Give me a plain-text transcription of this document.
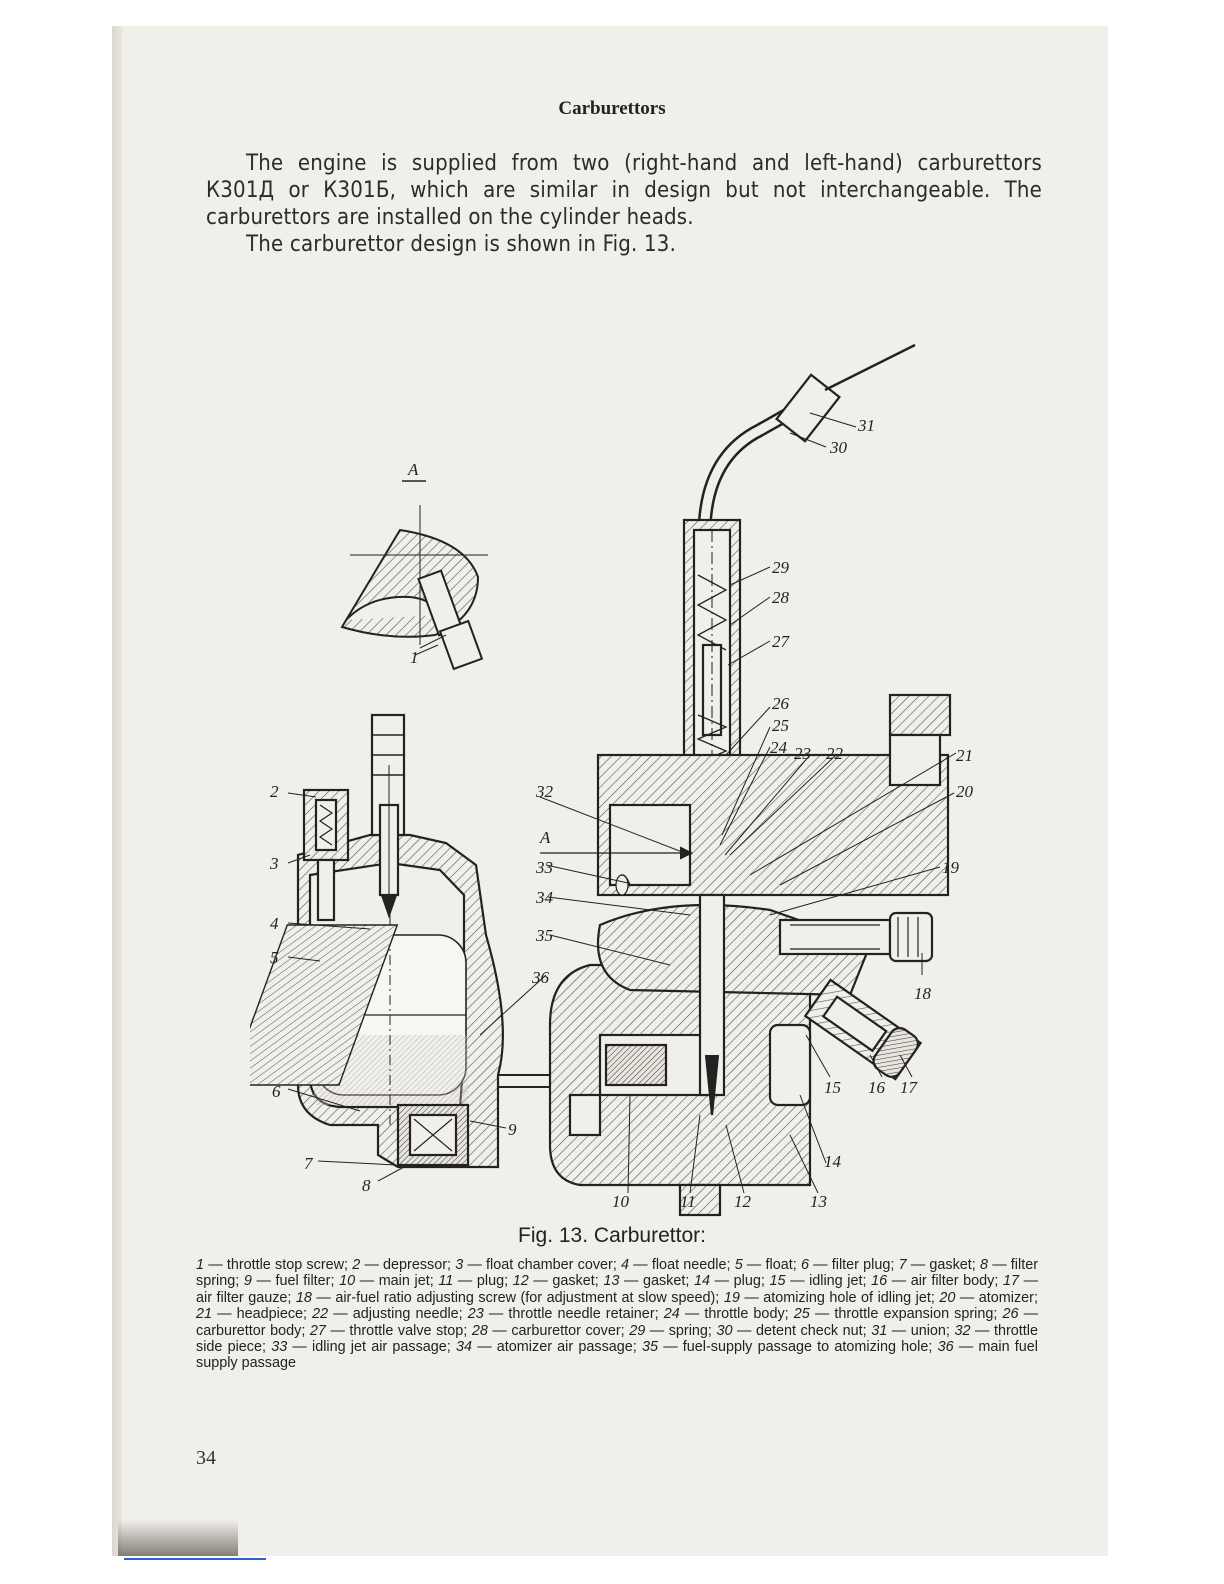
Carburettors

The engine is supplied from two (right-hand and left-hand) carburettors К301Д or К301Б, which are similar in design but not interchangeable. The carburettors are installed on the cylinder heads.

The carburettor design is shown in Fig. 13.

A
A
1
2
3
4
5
6
7
8
9
10	11 12	13
14
15 16 17
18
19
20
21
22
23
24
25
26
27
28
29
30
31
32
33
34
35
36
Fig. 13. Carburettor:
1 — throttle stop screw; 2 — depressor; 3 — float chamber cover; 4 — float needle; 5 — float; 6 — filter plug; 7 — gasket; 8 — filter spring; 9 — fuel filter; 10 — main jet; 11 — plug; 12 — gasket; 13 — gasket; 14 — plug; 15 — idling jet; 16 — air filter body; 17 — air filter gauze; 18 — air-fuel ratio adjusting screw (for adjustment at slow speed); 19 — atomizing hole of idling jet; 20 — atomizer; 21 — headpiece; 22 — adjusting needle; 23 — throttle needle retainer; 24 — throttle body; 25 — throttle expansion spring; 26 — carburettor body; 27 — throttle valve stop; 28 — carburettor cover; 29 — spring; 30 — detent check nut; 31 — union; 32 — throttle side piece; 33 — idling jet air passage; 34 — atomizer air passage; 35 — fuel-supply passage to atomizing hole; 36 — main fuel supply passage
34
